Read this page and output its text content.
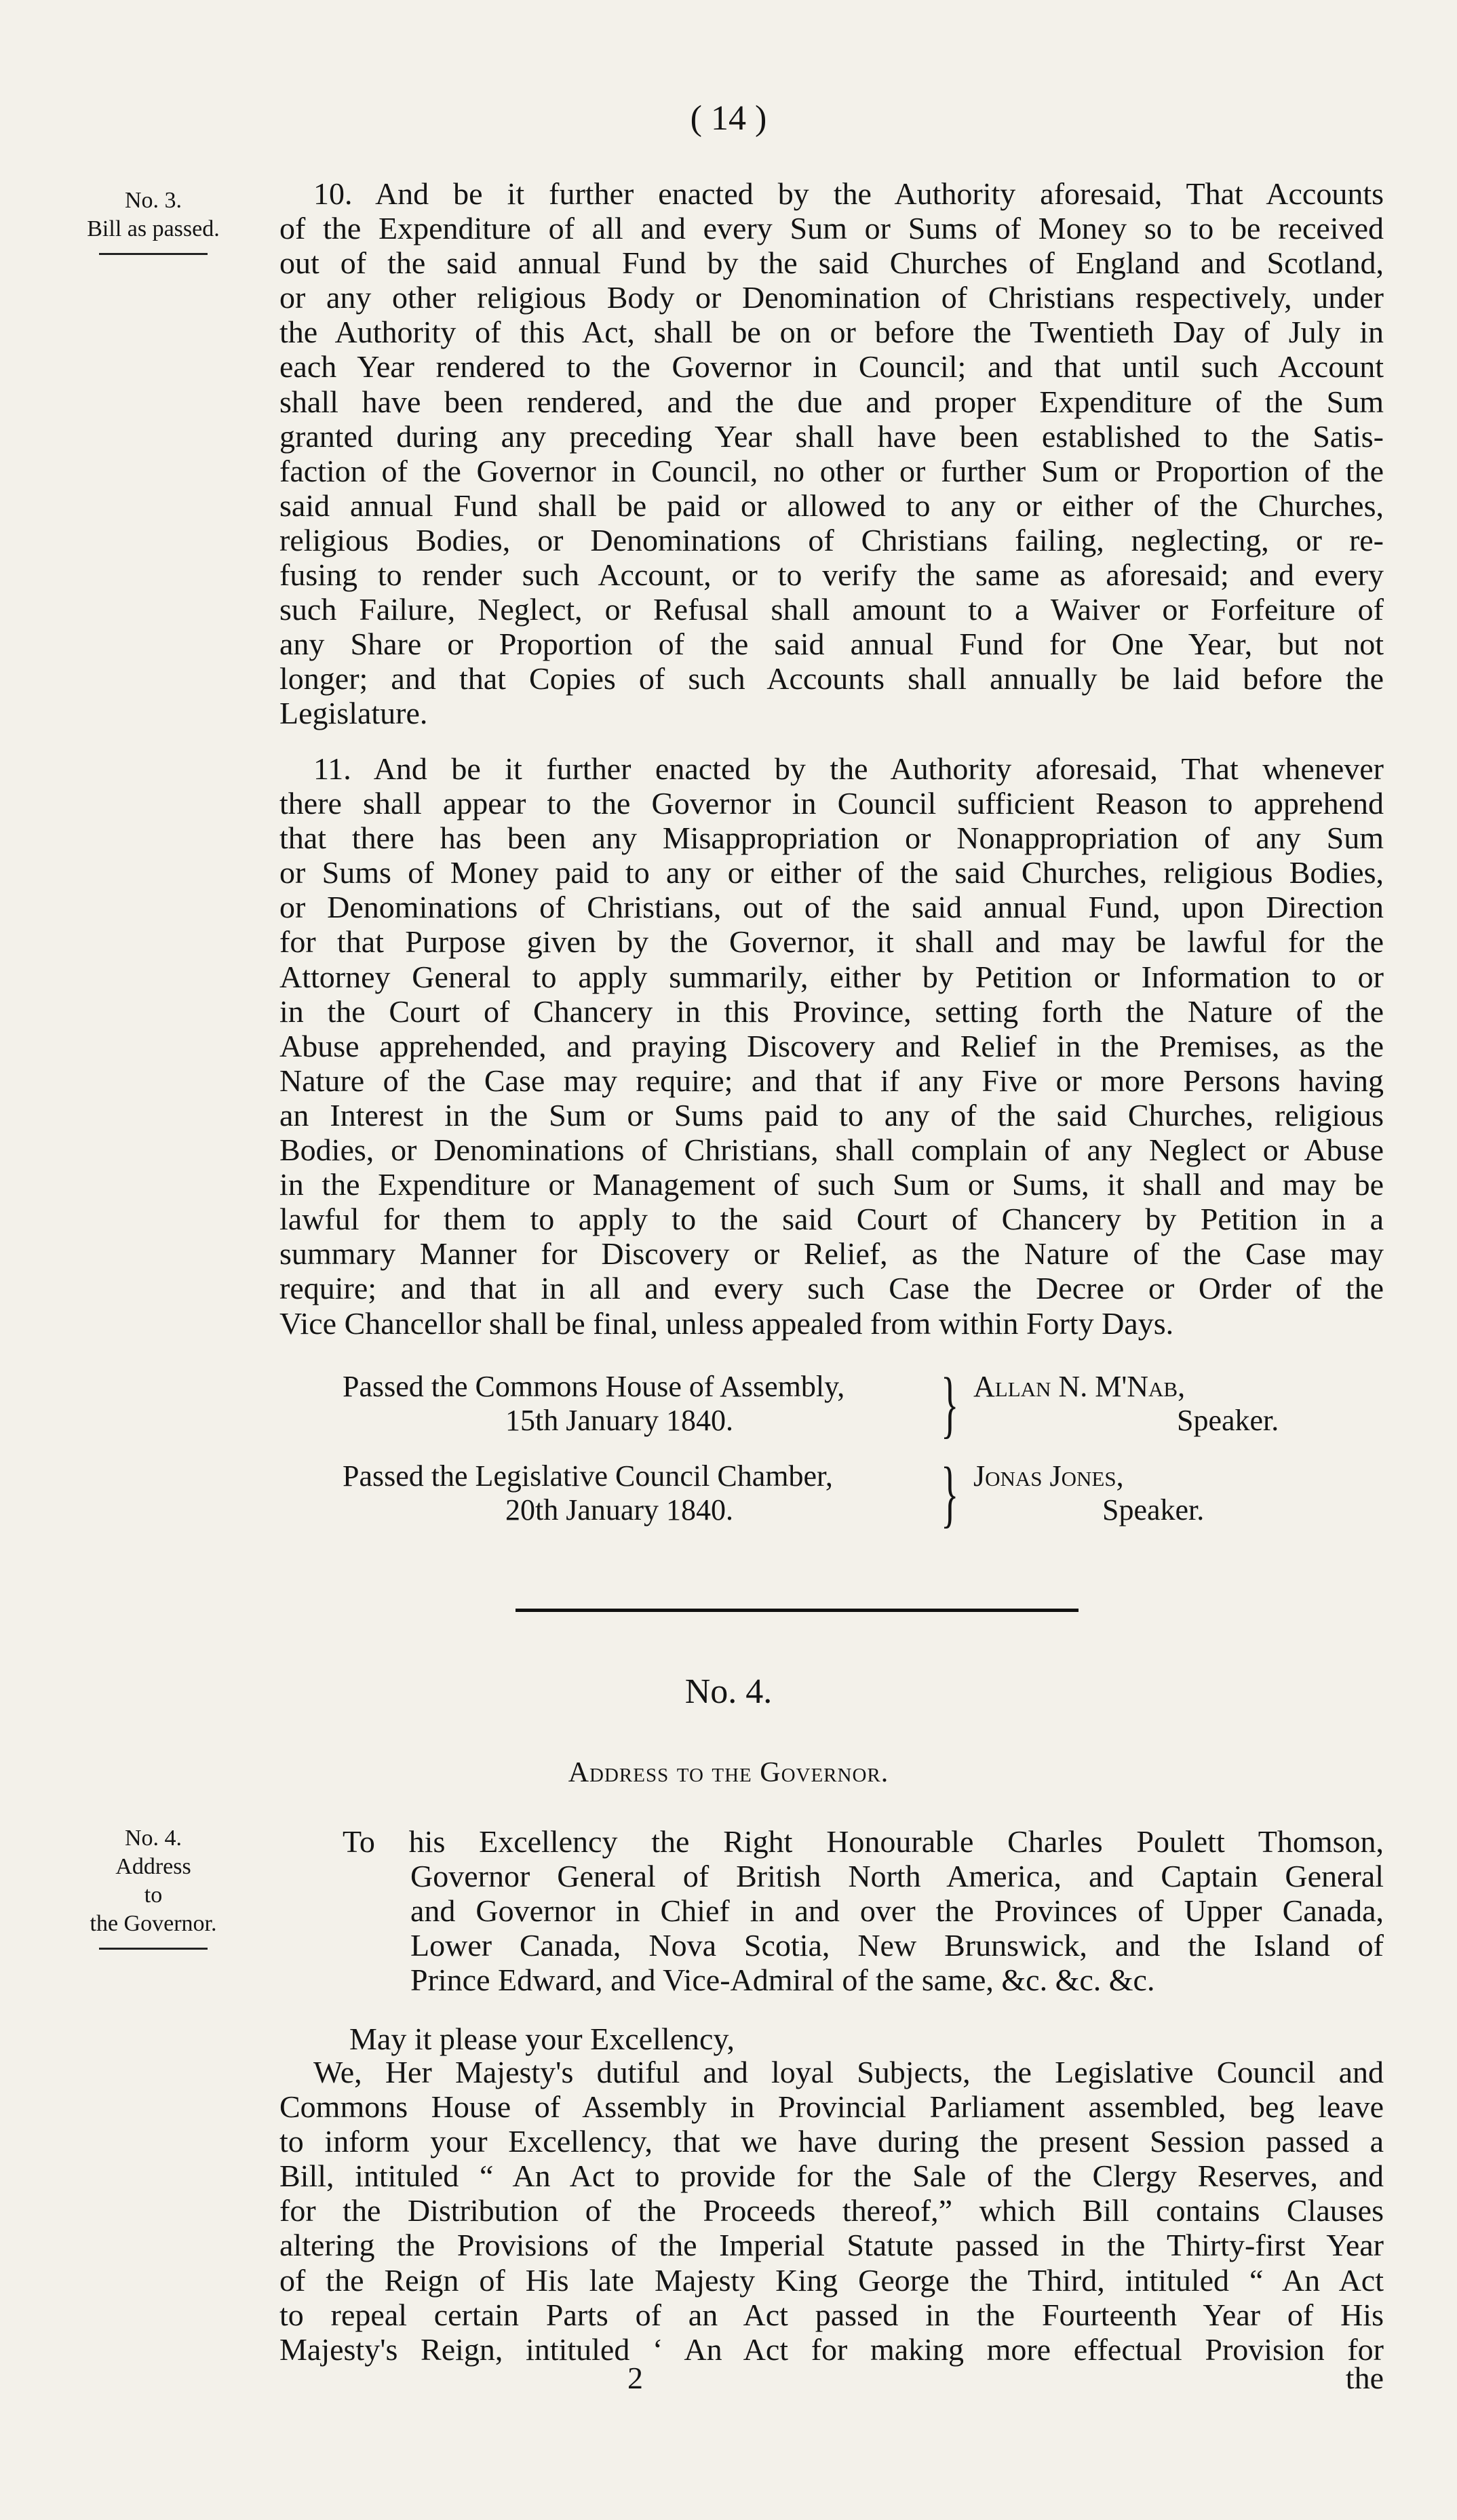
( 14 )
No. 3.
Bill as passed.
10. And be it further enacted by the Authority aforesaid, That Accounts
of the Expenditure of all and every Sum or Sums of Money so to be received
out of the said annual Fund by the said Churches of England and Scotland,
or any other religious Body or Denomination of Christians respectively, under
the Authority of this Act, shall be on or before the Twentieth Day of July in
each Year rendered to the Governor in Council; and that until such Account
shall have been rendered, and the due and proper Expenditure of the Sum
granted during any preceding Year shall have been established to the Satis-
faction of the Governor in Council, no other or further Sum or Proportion of the
said annual Fund shall be paid or allowed to any or either of the Churches,
religious Bodies, or Denominations of Christians failing, neglecting, or re-
fusing to render such Account, or to verify the same as aforesaid; and every
such Failure, Neglect, or Refusal shall amount to a Waiver or Forfeiture of
any Share or Proportion of the said annual Fund for One Year, but not
longer; and that Copies of such Accounts shall annually be laid before the
Legislature.
11. And be it further enacted by the Authority aforesaid, That whenever
there shall appear to the Governor in Council sufficient Reason to apprehend
that there has been any Misappropriation or Nonappropriation of any Sum
or Sums of Money paid to any or either of the said Churches, religious Bodies,
or Denominations of Christians, out of the said annual Fund, upon Direction
for that Purpose given by the Governor, it shall and may be lawful for the
Attorney General to apply summarily, either by Petition or Information to or
in the Court of Chancery in this Province, setting forth the Nature of the
Abuse apprehended, and praying Discovery and Relief in the Premises, as the
Nature of the Case may require; and that if any Five or more Persons having
an Interest in the Sum or Sums paid to any of the said Churches, religious
Bodies, or Denominations of Christians, shall complain of any Neglect or Abuse
in the Expenditure or Management of such Sum or Sums, it shall and may be
lawful for them to apply to the said Court of Chancery by Petition in a
summary Manner for Discovery or Relief, as the Nature of the Case may
require; and that in all and every such Case the Decree or Order of the
Vice Chancellor shall be final, unless appealed from within Forty Days.
Passed the Commons House of Assembly,
15th January 1840.	} Allan N. M'Nab,
Speaker.
Passed the Legislative Council Chamber,
20th January 1840.	} Jonas Jones,
Speaker.
No. 4.
Address to the Governor.
No. 4.
Address
to
the Governor.
To his Excellency the Right Honourable Charles Poulett Thomson,
Governor General of British North America, and Captain General
and Governor in Chief in and over the Provinces of Upper Canada,
Lower Canada, Nova Scotia, New Brunswick, and the Island of
Prince Edward, and Vice-Admiral of the same, &c. &c. &c.
May it please your Excellency,
We, Her Majesty's dutiful and loyal Subjects, the Legislative Council and
Commons House of Assembly in Provincial Parliament assembled, beg leave
to inform your Excellency, that we have during the present Session passed a
Bill, intituled “ An Act to provide for the Sale of the Clergy Reserves, and
for the Distribution of the Proceeds thereof,” which Bill contains Clauses
altering the Provisions of the Imperial Statute passed in the Thirty-first Year
of the Reign of His late Majesty King George the Third, intituled “ An Act
to repeal certain Parts of an Act passed in the Fourteenth Year of His
Majesty's Reign, intituled ‘ An Act for making more effectual Provision for
2	the
